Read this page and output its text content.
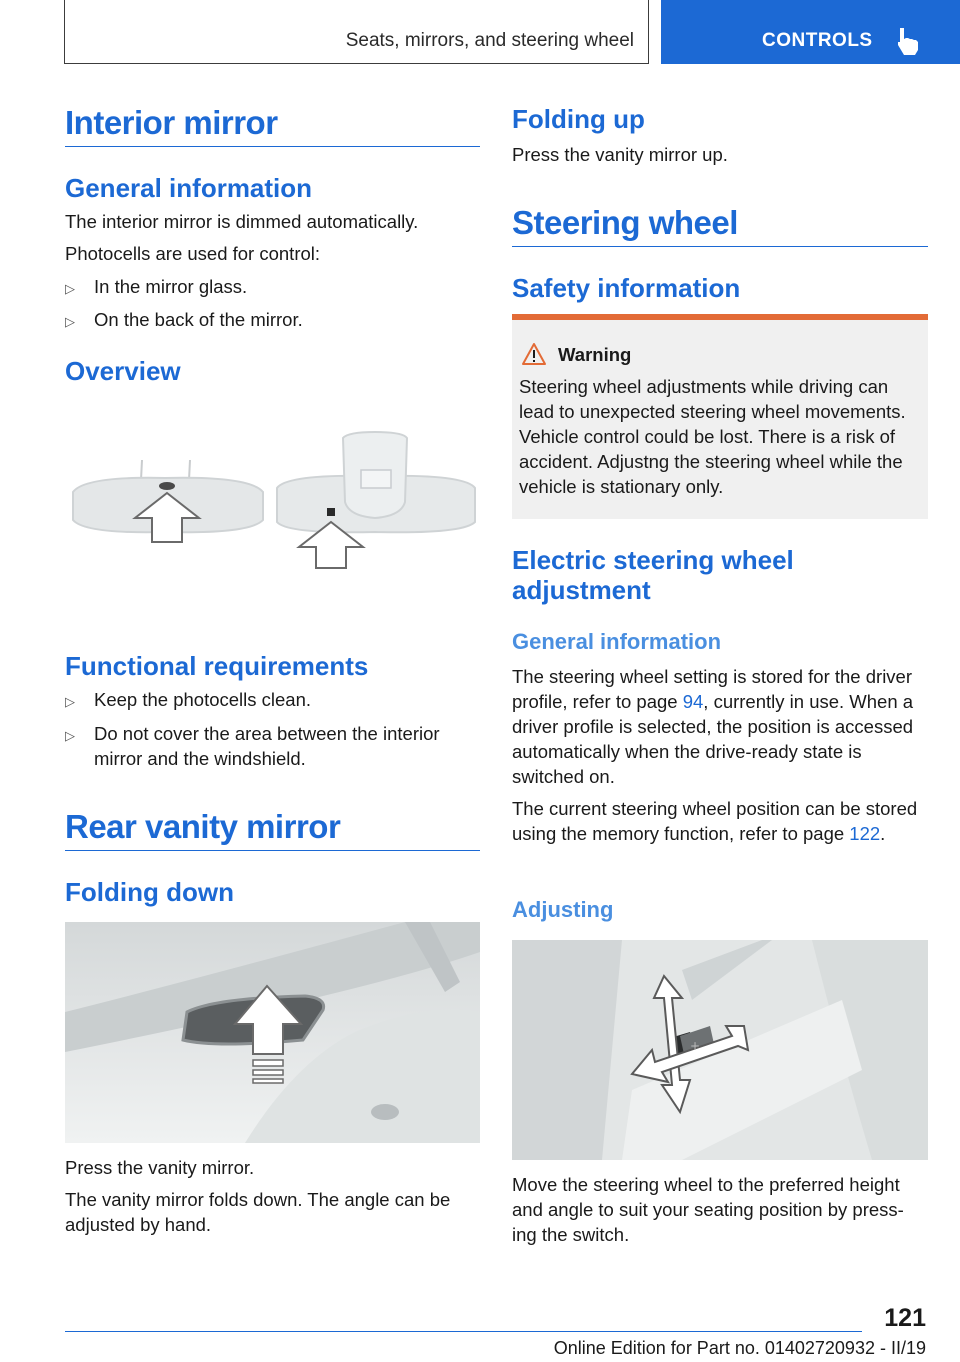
Seats, mirrors, and steering wheel	CONTROLS
Interior mirror
General information
The interior mirror is dimmed automatically.
Photocells are used for control:
▷ In the mirror glass.
▷ On the back of the mirror.
Overview
Functional requirements
▷ Keep the photocells clean.
▷ Do not cover the area between the interior mirror and the windshield.
Rear vanity mirror
Folding down
Press the vanity mirror.
The vanity mirror folds down. The angle can be adjusted by hand.
Folding up
Press the vanity mirror up.
Steering wheel
Safety information
Warning
Steering wheel adjustments while driving can lead to unexpected steering wheel movements. Vehicle control could be lost. There is a risk of accident. Adjustng the steering wheel while the vehicle is stationary only.
Electric steering wheel adjustment
General information
The steering wheel setting is stored for the driver profile, refer to page 94, currently in use. When a driver profile is selected, the position is accessed automatically when the drive-ready state is switched on.
The current steering wheel position can be stored using the memory function, refer to page 122.
Adjusting
+
Move the steering wheel to the preferred height and angle to suit your seating position by press‐ing the switch.
121
Online Edition for Part no. 01402720932 - II/19
